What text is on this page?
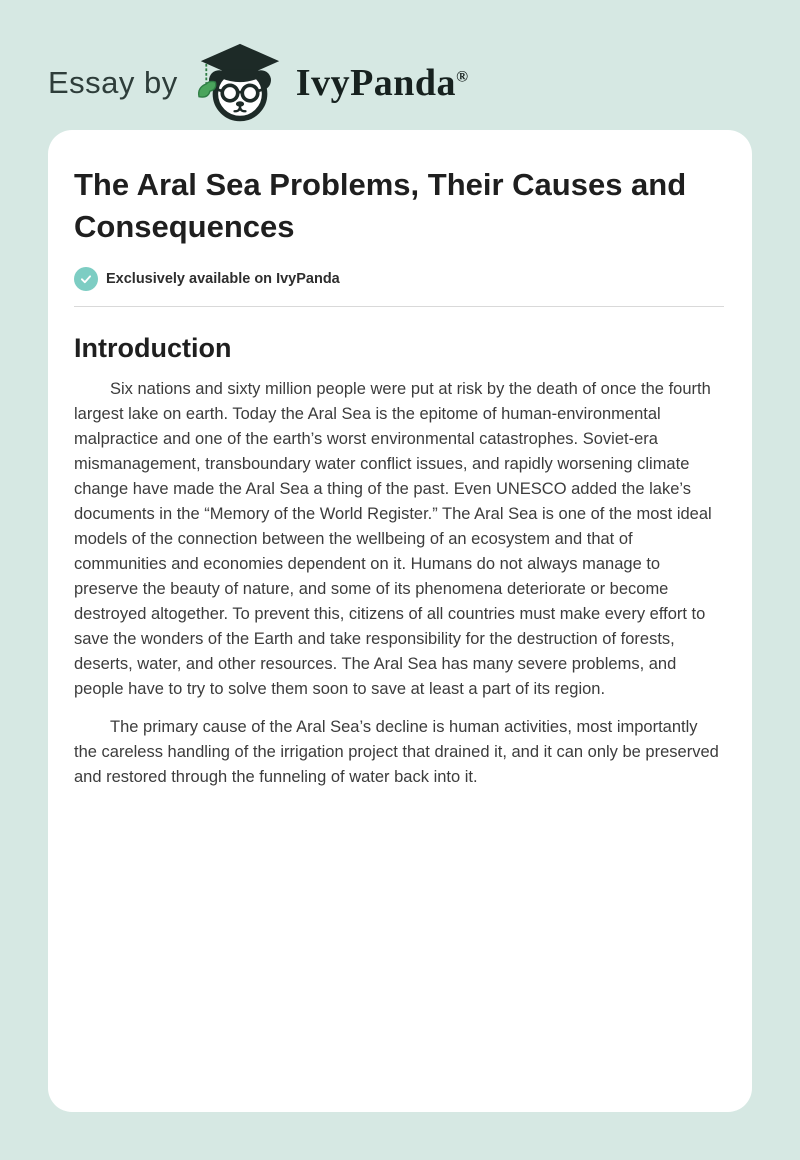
Essay by	IvyPanda®
The Aral Sea Problems, Their Causes and Consequences
Exclusively available on IvyPanda
Introduction

Six nations and sixty million people were put at risk by the death of once the fourth largest lake on earth. Today the Aral Sea is the epitome of human-environmental malpractice and one of the earth’s worst environmental catastrophes. Soviet-era mismanagement, transboundary water conflict issues, and rapidly worsening climate change have made the Aral Sea a thing of the past. Even UNESCO added the lake’s documents in the “Memory of the World Register.” The Aral Sea is one of the most ideal models of the connection between the wellbeing of an ecosystem and that of communities and economies dependent on it. Humans do not always manage to preserve the beauty of nature, and some of its phenomena deteriorate or become destroyed altogether. To prevent this, citizens of all countries must make every effort to save the wonders of the Earth and take responsibility for the destruction of forests, deserts, water, and other resources. The Aral Sea has many severe problems, and people have to try to solve them soon to save at least a part of its region.

The primary cause of the Aral Sea’s decline is human activities, most importantly the careless handling of the irrigation project that drained it, and it can only be preserved and restored through the funneling of water back into it.
